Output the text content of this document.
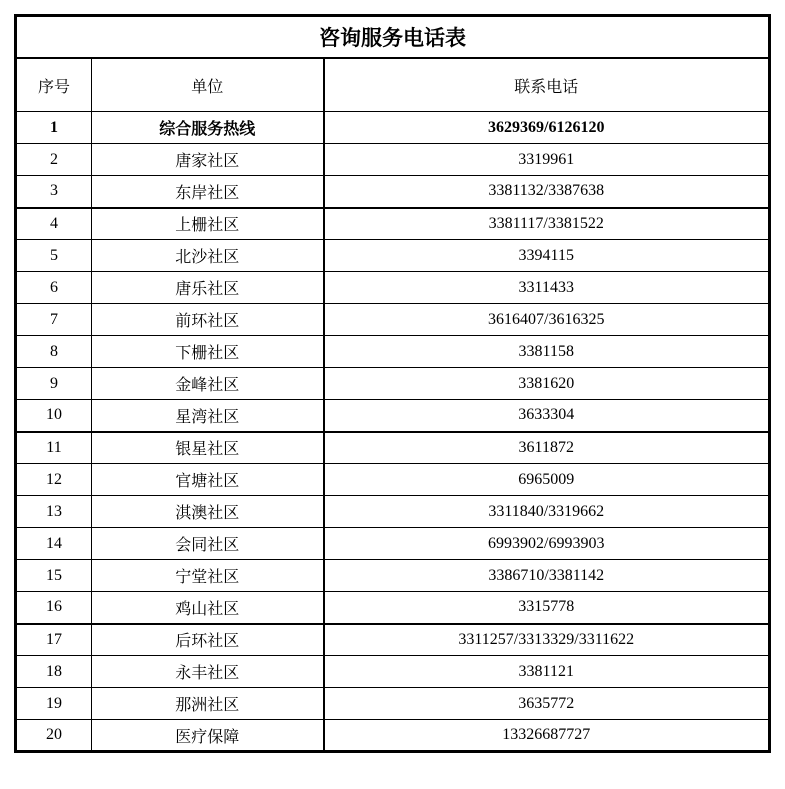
咨询服务电话表		
序号	单位	联系电话
1	综合服务热线	3629369/6126120
2	唐家社区	3319961
3	东岸社区	3381132/3387638
4	上栅社区	3381117/3381522
5	北沙社区	3394115
6	唐乐社区	3311433
7	前环社区	3616407/3616325
8	下栅社区	3381158
9	金峰社区	3381620
10	星湾社区	3633304
11	银星社区	3611872
12	官塘社区	6965009
13	淇澳社区	3311840/3319662
14	会同社区	6993902/6993903
15	宁堂社区	3386710/3381142
16	鸡山社区	3315778
17	后环社区	3311257/3313329/3311622
18	永丰社区	3381121
19	那洲社区	3635772
20	医疗保障	13326687727
